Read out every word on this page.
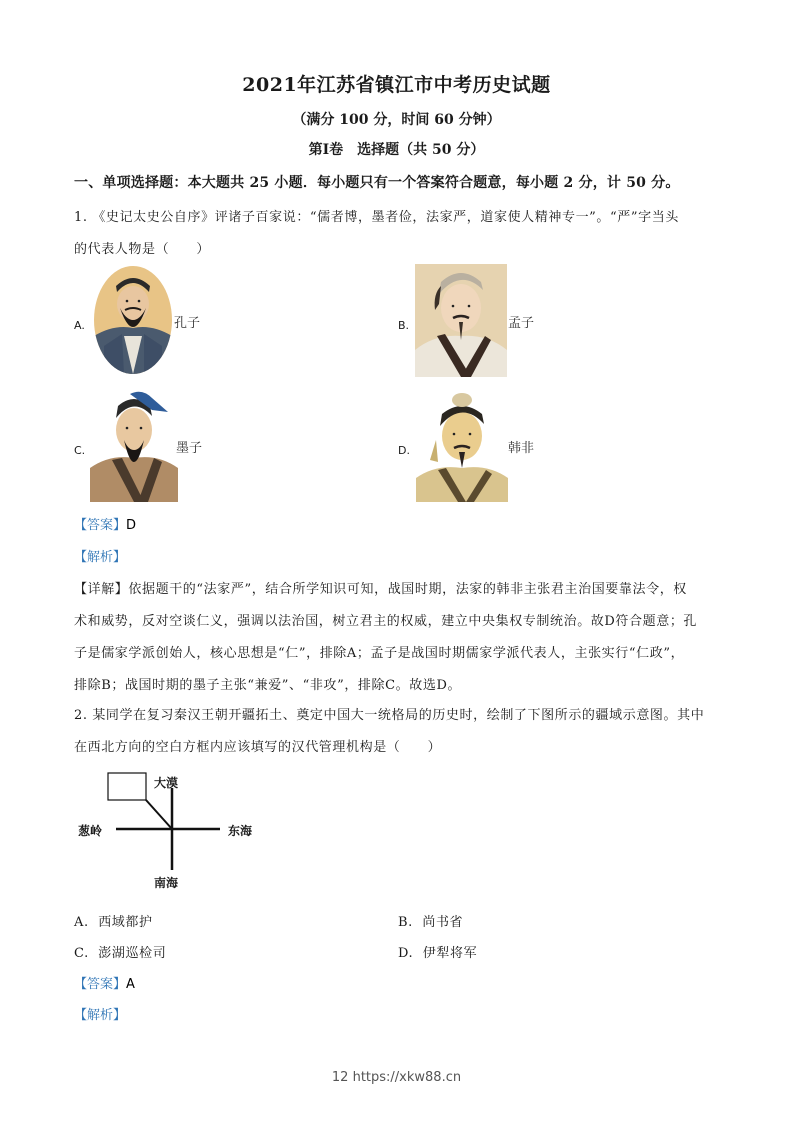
2021年江苏省镇江市中考历史试题
（满分 100 分，时间 60 分钟）
第Ⅰ卷　选择题（共 50 分）
一、单项选择题：本大题共 25 小题．每小题只有一个答案符合题意，每小题 2 分，计 50 分。
1. 《史记太史公自序》评诸子百家说：“儒者博，墨者俭，法家严，道家使人精神专一”。“严”字当头
的代表人物是（　　）
A.	孔子	B.	孟子
C.	墨子	D.	韩非
【答案】D
【解析】
【详解】依据题干的“法家严”，结合所学知识可知，战国时期，法家的韩非主张君主治国要靠法令，权
术和威势，反对空谈仁义，强调以法治国，树立君主的权威，建立中央集权专制统治。故D符合题意；孔
子是儒家学派创始人，核心思想是“仁”，排除A；孟子是战国时期儒家学派代表人，主张实行“仁政”，
排除B；战国时期的墨子主张“兼爱”、“非攻”，排除C。故选D。
2. 某同学在复习秦汉王朝开疆拓土、奠定中国大一统格局的历史时，绘制了下图所示的疆域示意图。其中
在西北方向的空白方框内应该填写的汉代管理机构是（　　）
大漠
葱岭	东海
南海
A. 西域都护	B. 尚书省
C. 澎湖巡检司	D. 伊犁将军
【答案】A
【解析】
12 https://xkw88.cn
